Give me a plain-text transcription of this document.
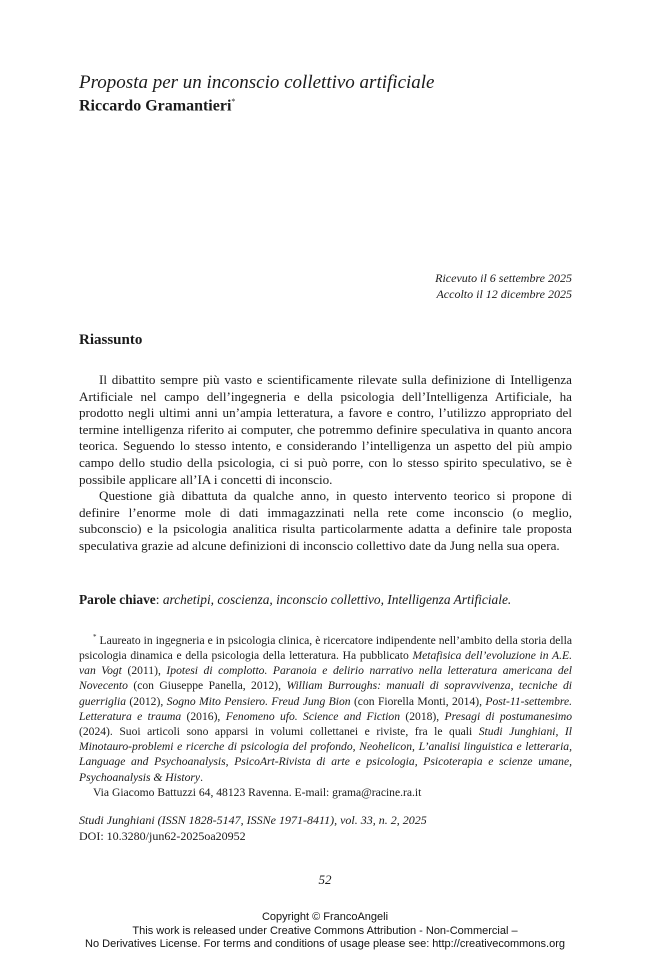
Proposta per un inconscio collettivo artificiale
Riccardo Gramantieri*
Ricevuto il 6 settembre 2025
Accolto il 12 dicembre 2025
Riassunto

Il dibattito sempre più vasto e scientificamente rilevate sulla definizione di Intelligenza Artificiale nel campo dell’ingegneria e della psicologia dell’Intelligenza Artificiale, ha prodotto negli ultimi anni un’ampia letteratura, a favore e contro, l’utilizzo appropriato del termine intelligenza riferito ai computer, che potremmo definire speculativa in quanto ancora teorica. Seguendo lo stesso intento, e considerando l’intelligenza un aspetto del più ampio campo dello studio della psicologia, ci si può porre, con lo stesso spirito speculativo, se è possibile applicare all’IA i concetti di inconscio.

Questione già dibattuta da qualche anno, in questo intervento teorico si propone di definire l’enorme mole di dati immagazzinati nella rete come inconscio (o meglio, subconscio) e la psicologia analitica risulta particolarmente adatta a definire tale proposta speculativa grazie ad alcune definizioni di inconscio collettivo date da Jung nella sua opera.

Parole chiave: archetipi, coscienza, inconscio collettivo, Intelligenza Artificiale.

* Laureato in ingegneria e in psicologia clinica, è ricercatore indipendente nell’ambito della storia della psicologia dinamica e della psicologia della letteratura. Ha pubblicato Metafisica dell’evoluzione in A.E. van Vogt (2011), Ipotesi di complotto. Paranoia e delirio narrativo nella letteratura americana del Novecento (con Giuseppe Panella, 2012), William Burroughs: manuali di sopravvivenza, tecniche di guerriglia (2012), Sogno Mito Pensiero. Freud Jung Bion (con Fiorella Monti, 2014), Post-11-settembre. Letteratura e trauma (2016), Fenomeno ufo. Science and Fiction (2018), Presagi di postumanesimo (2024). Suoi articoli sono apparsi in volumi collettanei e riviste, fra le quali Studi Junghiani, Il Minotauro-problemi e ricerche di psicologia del profondo, Neohelicon, L’analisi linguistica e letteraria, Language and Psychoanalysis, PsicoArt-Rivista di arte e psicologia, Psicoterapia e scienze umane, Psychoanalysis & History.

Via Giacomo Battuzzi 64, 48123 Ravenna. E-mail: grama@racine.ra.it

Studi Junghiani (ISSN 1828-5147, ISSNe 1971-8411), vol. 33, n. 2, 2025
DOI: 10.3280/jun62-2025oa20952
52
Copyright © FrancoAngeli
This work is released under Creative Commons Attribution - Non-Commercial –
No Derivatives License. For terms and conditions of usage please see: http://creativecommons.org
